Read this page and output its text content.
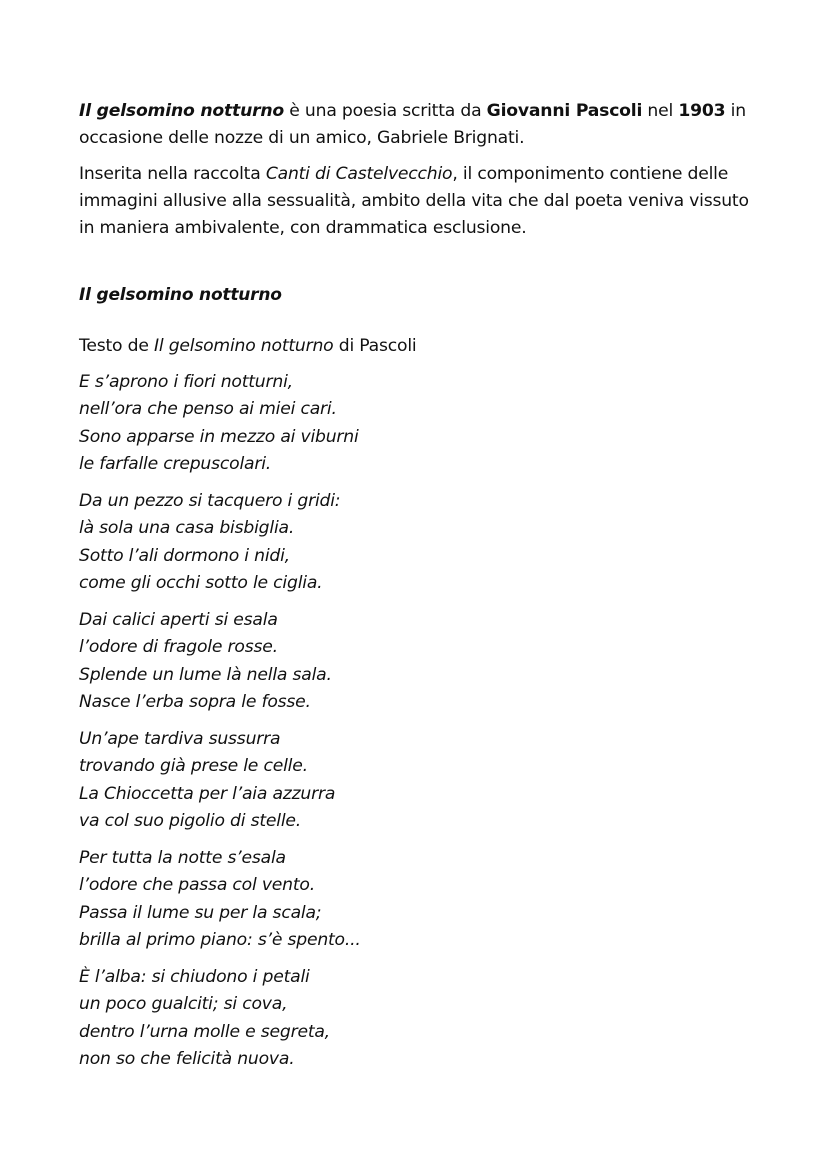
Il gelsomino notturno è una poesia scritta da Giovanni Pascoli nel 1903 in occasione delle nozze di un amico, Gabriele Brignati.

Inserita nella raccolta Canti di Castelvecchio, il componimento contiene delle immagini allusive alla sessualità, ambito della vita che dal poeta veniva vissuto in maniera ambivalente, con drammatica esclusione.

Il gelsomino notturno
Testo de Il gelsomino notturno di Pascoli

E s’aprono i fiori notturni,
nell’ora che penso ai miei cari.
Sono apparse in mezzo ai viburni
le farfalle crepuscolari.

Da un pezzo si tacquero i gridi:
là sola una casa bisbiglia.
Sotto l’ali dormono i nidi,
come gli occhi sotto le ciglia.

Dai calici aperti si esala
l’odore di fragole rosse.
Splende un lume là nella sala.
Nasce l’erba sopra le fosse.

Un’ape tardiva sussurra
trovando già prese le celle.
La Chioccetta per l’aia azzurra
va col suo pigolio di stelle.

Per tutta la notte s’esala
l’odore che passa col vento.
Passa il lume su per la scala;
brilla al primo piano: s’è spento...

È l’alba: si chiudono i petali
un poco gualciti; si cova,
dentro l’urna molle e segreta,
non so che felicità nuova.
